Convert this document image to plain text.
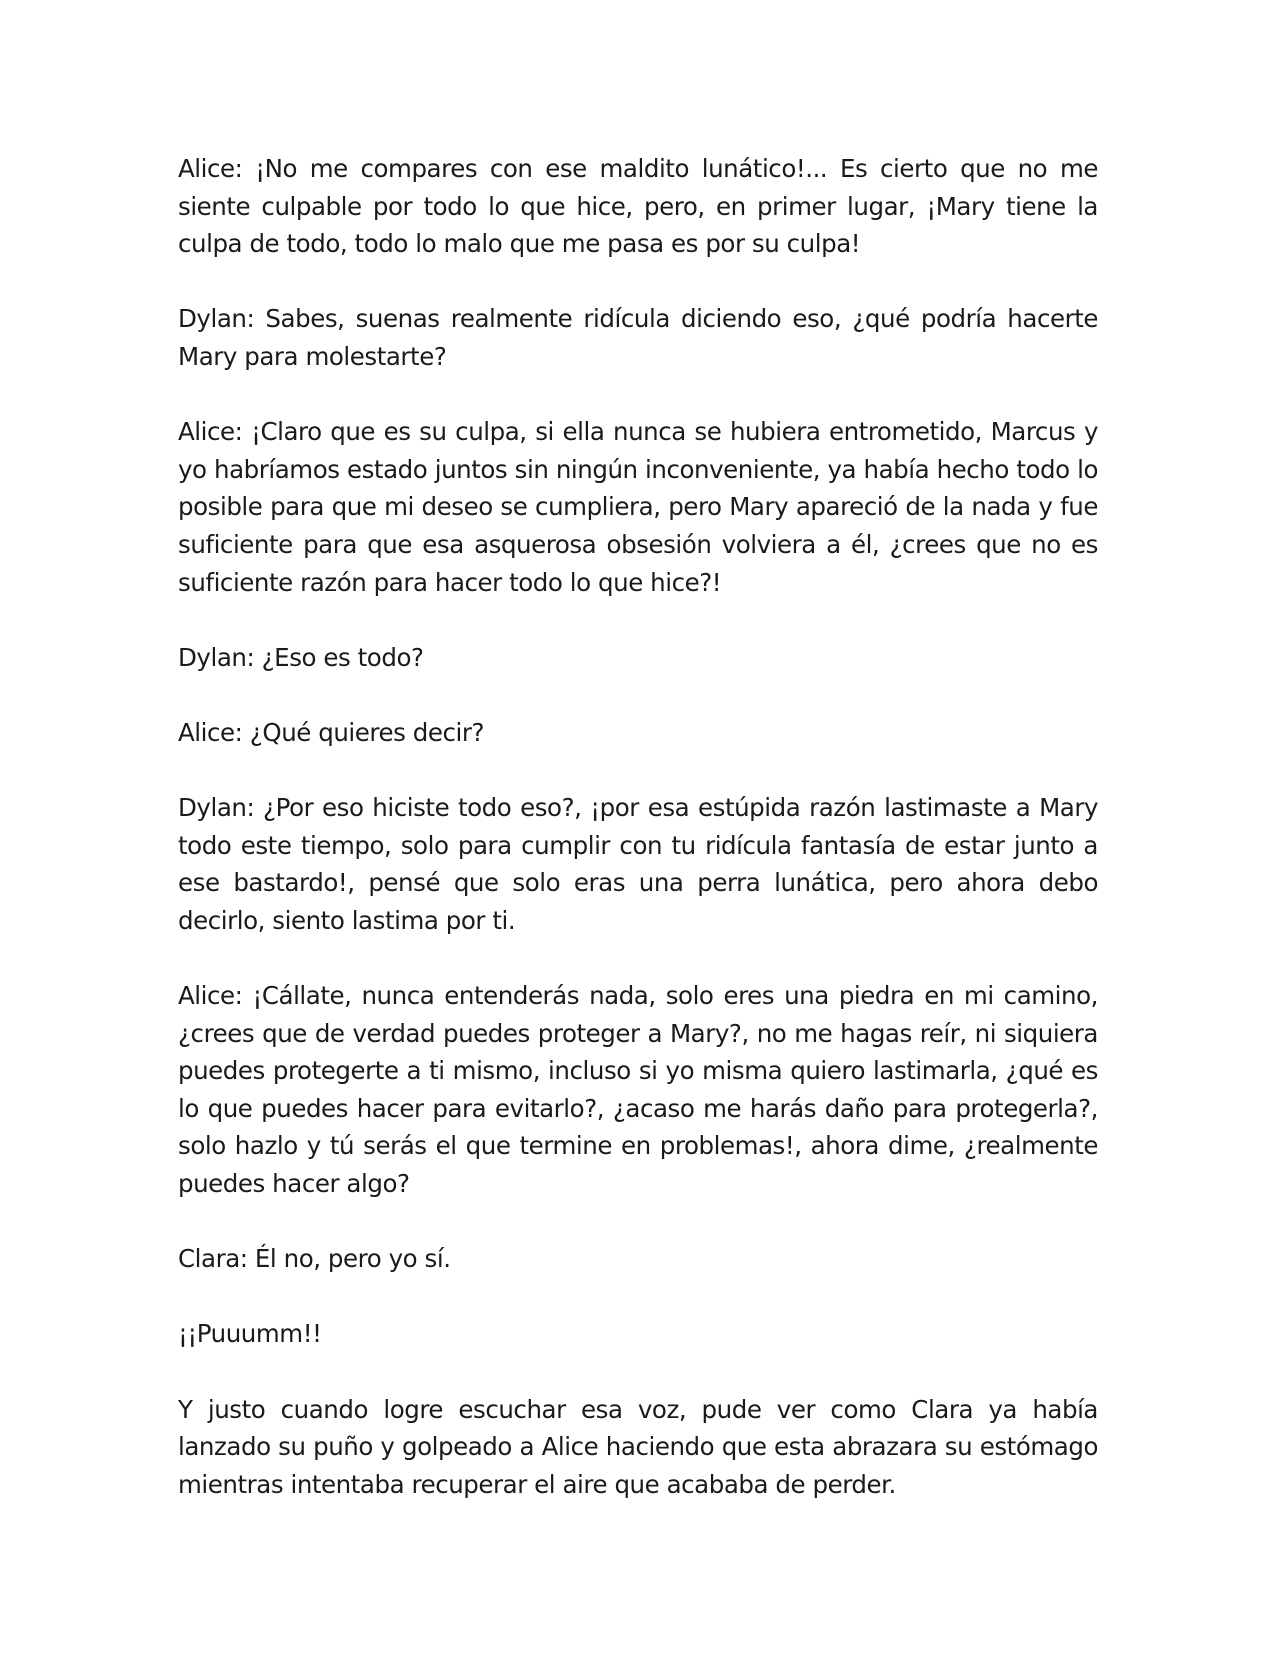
Alice: ¡No me compares con ese maldito lunático!... Es cierto que no me siente culpable por todo lo que hice, pero, en primer lugar, ¡Mary tiene la culpa de todo, todo lo malo que me pasa es por su culpa!

Dylan: Sabes, suenas realmente ridícula diciendo eso, ¿qué podría hacerte Mary para molestarte?

Alice: ¡Claro que es su culpa, si ella nunca se hubiera entrometido, Marcus y yo habríamos estado juntos sin ningún inconveniente, ya había hecho todo lo posible para que mi deseo se cumpliera, pero Mary apareció de la nada y fue suficiente para que esa asquerosa obsesión volviera a él, ¿crees que no es suficiente razón para hacer todo lo que hice?!

Dylan: ¿Eso es todo?

Alice: ¿Qué quieres decir?

Dylan: ¿Por eso hiciste todo eso?, ¡por esa estúpida razón lastimaste a Mary todo este tiempo, solo para cumplir con tu ridícula fantasía de estar junto a ese bastardo!, pensé que solo eras una perra lunática, pero ahora debo decirlo, siento lastima por ti.

Alice: ¡Cállate, nunca entenderás nada, solo eres una piedra en mi camino, ¿crees que de verdad puedes proteger a Mary?, no me hagas reír, ni siquiera puedes protegerte a ti mismo, incluso si yo misma quiero lastimarla, ¿qué es lo que puedes hacer para evitarlo?, ¿acaso me harás daño para protegerla?, solo hazlo y tú serás el que termine en problemas!, ahora dime, ¿realmente puedes hacer algo?

Clara: Él no, pero yo sí.

¡¡Puuumm!!

Y justo cuando logre escuchar esa voz, pude ver como Clara ya había lanzado su puño y golpeado a Alice haciendo que esta abrazara su estómago mientras intentaba recuperar el aire que acababa de perder.
